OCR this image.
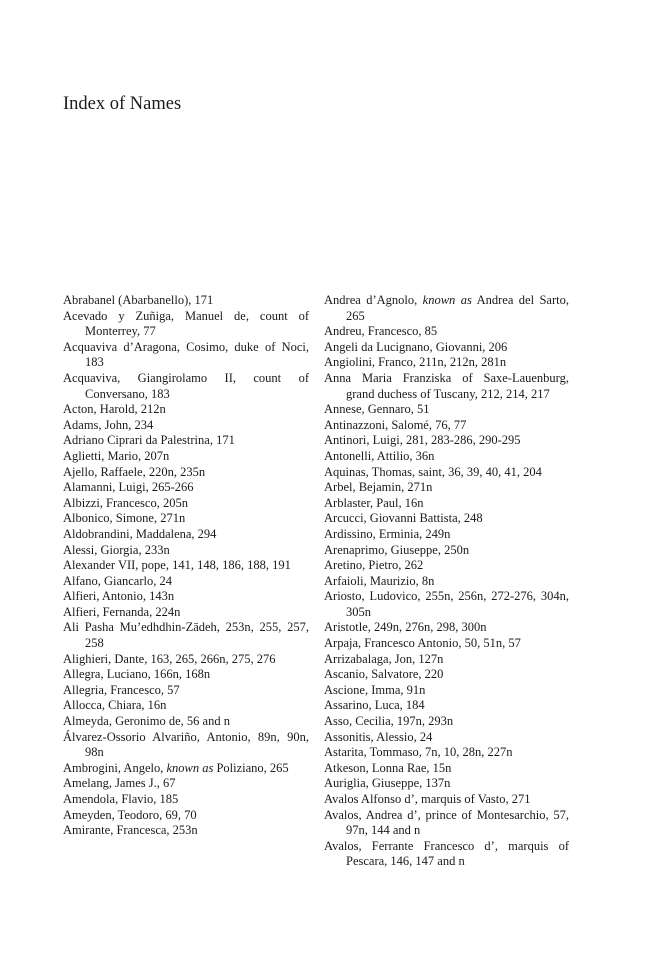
Index of Names

Abrabanel (Abarbanello), 171

Acevado y Zuñiga, Manuel de, count of Monterrey, 77

Acquaviva d’Aragona, Cosimo, duke of Noci, 183

Acquaviva, Giangirolamo II, count of Conversano, 183

Acton, Harold, 212n

Adams, John, 234

Adriano Ciprari da Palestrina, 171

Aglietti, Mario, 207n

Ajello, Raffaele, 220n, 235n

Alamanni, Luigi, 265-266

Albizzi, Francesco, 205n

Albonico, Simone, 271n

Aldobrandini, Maddalena, 294

Alessi, Giorgia, 233n

Alexander VII, pope, 141, 148, 186, 188, 191

Alfano, Giancarlo, 24

Alfieri, Antonio, 143n

Alfieri, Fernanda, 224n

Ali Pasha Mu’edhdhin-Zādeh, 253n, 255, 257, 258

Alighieri, Dante, 163, 265, 266n, 275, 276

Allegra, Luciano, 166n, 168n

Allegria, Francesco, 57

Allocca, Chiara, 16n

Almeyda, Geronimo de, 56 and n

Álvarez-Ossorio Alvariño, Antonio, 89n, 90n, 98n

Ambrogini, Angelo, known as Poliziano, 265

Amelang, James J., 67

Amendola, Flavio, 185

Ameyden, Teodoro, 69, 70

Amirante, Francesca, 253n

Andrea d’Agnolo, known as Andrea del Sarto, 265

Andreu, Francesco, 85

Angeli da Lucignano, Giovanni, 206

Angiolini, Franco, 211n, 212n, 281n

Anna Maria Franziska of Saxe-Lauenburg, grand duchess of Tuscany, 212, 214, 217

Annese, Gennaro, 51

Antinazzoni, Salomé, 76, 77

Antinori, Luigi, 281, 283-286, 290-295

Antonelli, Attilio, 36n

Aquinas, Thomas, saint, 36, 39, 40, 41, 204

Arbel, Bejamin, 271n

Arblaster, Paul, 16n

Arcucci, Giovanni Battista, 248

Ardissino, Erminia, 249n

Arenaprimo, Giuseppe, 250n

Aretino, Pietro, 262

Arfaioli, Maurizio, 8n

Ariosto, Ludovico, 255n, 256n, 272-276, 304n, 305n

Aristotle, 249n, 276n, 298, 300n

Arpaja, Francesco Antonio, 50, 51n, 57

Arrizabalaga, Jon, 127n

Ascanio, Salvatore, 220

Ascione, Imma, 91n

Assarino, Luca, 184

Asso, Cecilia, 197n, 293n

Assonitis, Alessio, 24

Astarita, Tommaso, 7n, 10, 28n, 227n

Atkeson, Lonna Rae, 15n

Auriglia, Giuseppe, 137n

Avalos Alfonso d’, marquis of Vasto, 271

Avalos, Andrea d’, prince of Montesarchio, 57, 97n, 144 and n

Avalos, Ferrante Francesco d’, marquis of Pescara, 146, 147 and n
